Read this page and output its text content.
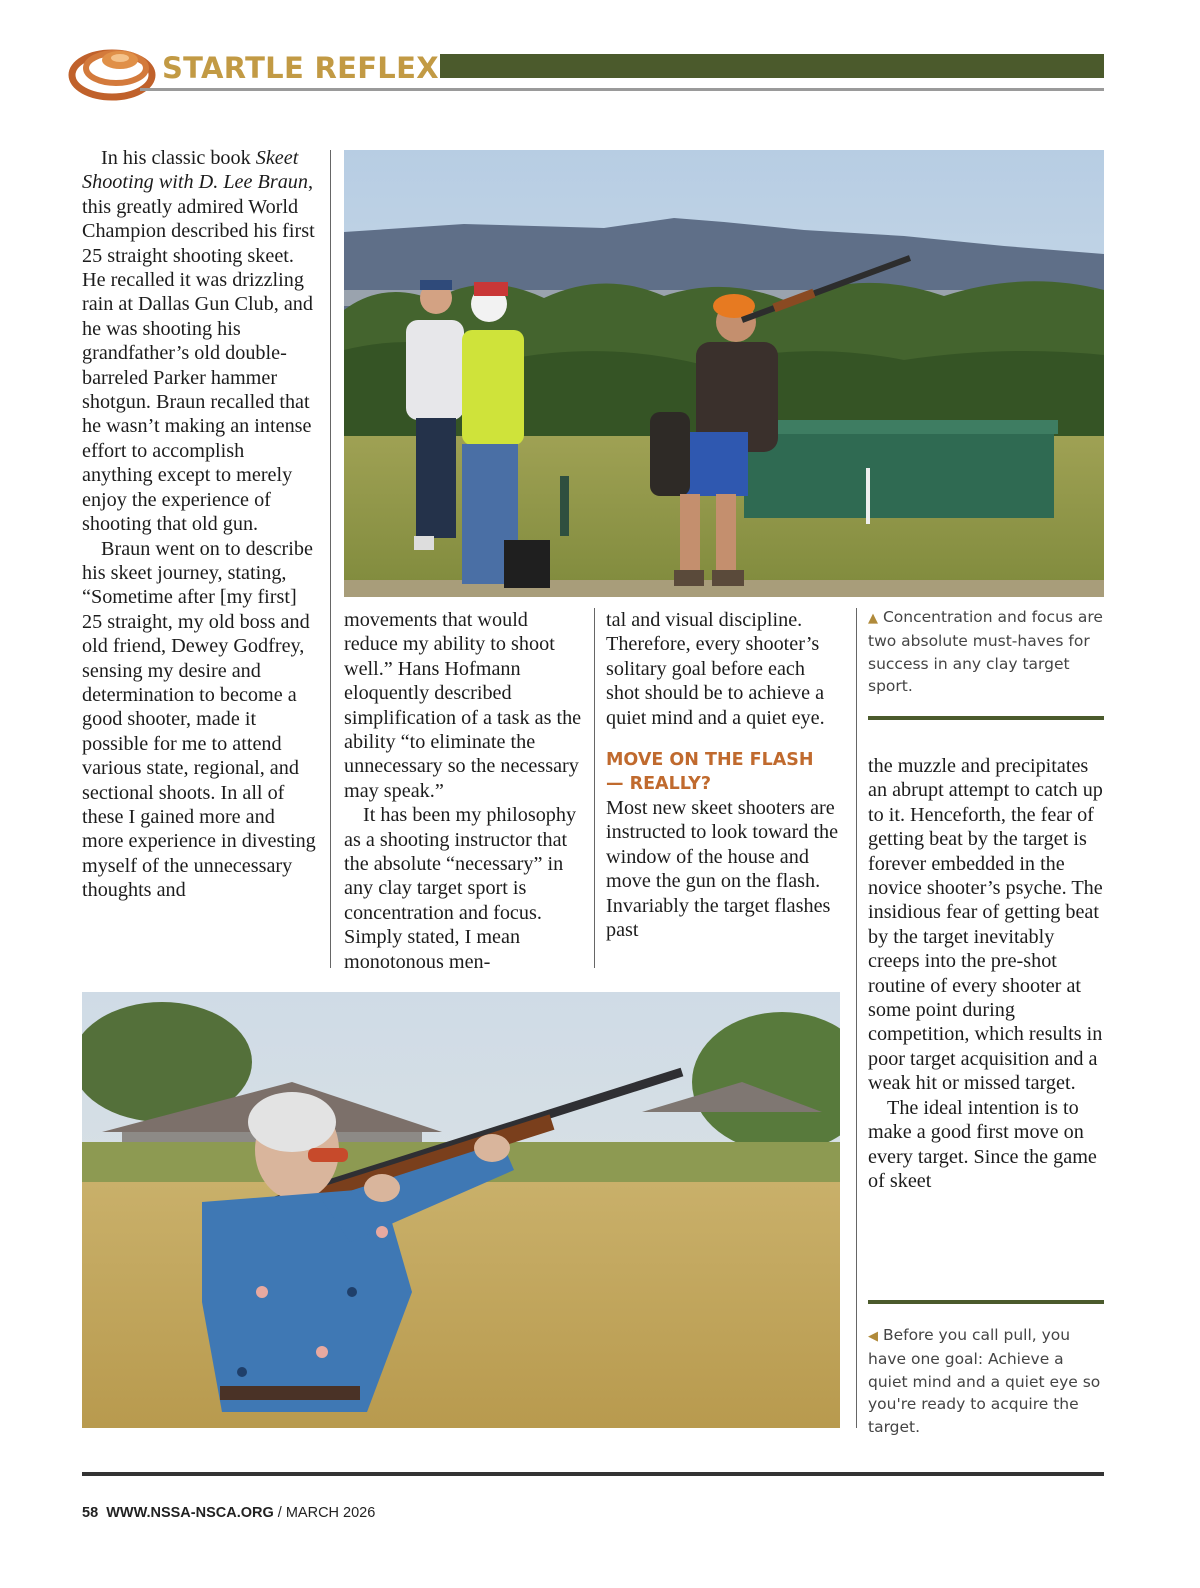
STARTLE REFLEX

In his classic book Skeet Shooting with D. Lee Braun, this greatly admired World Champion described his first 25 straight shooting skeet. He recalled it was drizzling rain at Dallas Gun Club, and he was shooting his grandfather’s old double-barreled Parker hammer shotgun. Braun recalled that he wasn’t making an intense effort to accomplish anything except to merely enjoy the experience of shooting that old gun.

Braun went on to describe his skeet journey, stating, “Sometime after [my first] 25 straight, my old boss and old friend, Dewey Godfrey, sensing my desire and determination to become a good shooter, made it possible for me to attend various state, regional, and sectional shoots. In all of these I gained more and more experience in divesting myself of the unnecessary thoughts and

movements that would reduce my ability to shoot well.” Hans Hofmann eloquently described simplification of a task as the ability “to eliminate the unnecessary so the necessary may speak.”

It has been my philosophy as a shooting instructor that the absolute “necessary” in any clay target sport is concentration and focus. Simply stated, I mean monotonous men-

tal and visual discipline. Therefore, every shooter’s solitary goal before each shot should be to achieve a quiet mind and a quiet eye.

MOVE ON THE FLASH
— REALLY?

Most new skeet shooters are instructed to look toward the window of the house and move the gun on the flash. Invariably the target flashes past

▲ Concentration and focus are two absolute must-haves for success in any clay target sport.

the muzzle and precipitates an abrupt attempt to catch up to it. Henceforth, the fear of getting beat by the target is forever embedded in the novice shooter’s psyche. The insidious fear of getting beat by the target inevitably creeps into the pre-shot routine of every shooter at some point during competition, which results in poor target acquisition and a weak hit or missed target.

The ideal intention is to make a good first move on every target. Since the game of skeet

◀ Before you call pull, you have one goal: Achieve a quiet mind and a quiet eye so you're ready to acquire the target.
58 WWW.NSSA-NSCA.ORG / MARCH 2026
